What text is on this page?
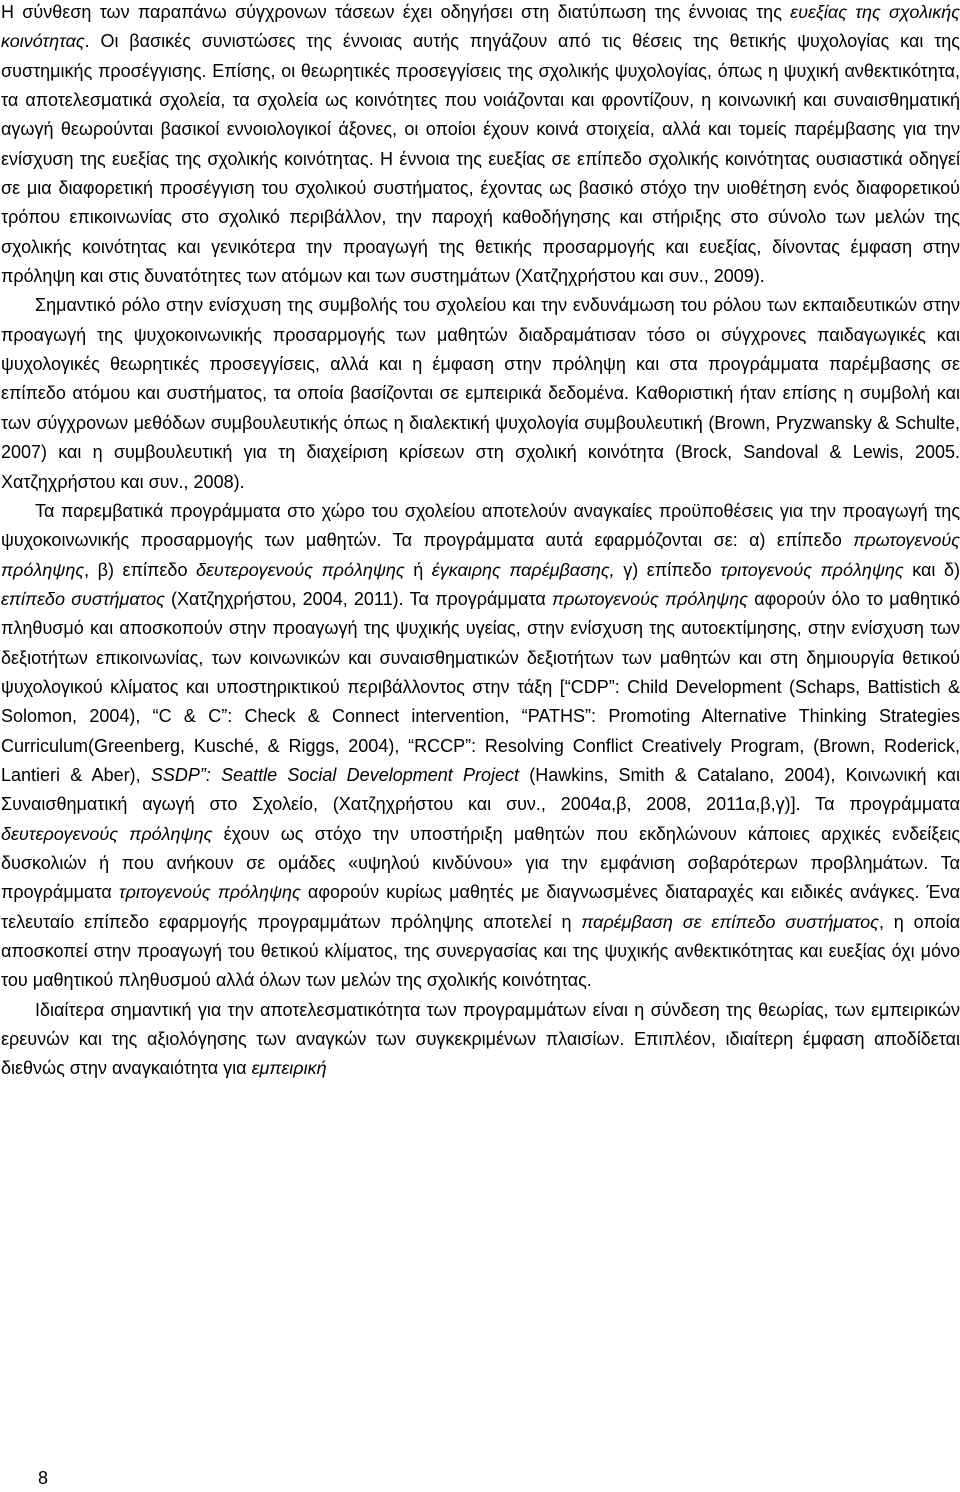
Η σύνθεση των παραπάνω σύγχρονων τάσεων έχει οδηγήσει στη διατύπωση της έννοιας της ευεξίας της σχολικής κοινότητας. Οι βασικές συνιστώσες της έννοιας αυτής πηγάζουν από τις θέσεις της θετικής ψυχολογίας και της συστημικής προσέγγισης. Επίσης, οι θεωρητικές προσεγγίσεις της σχολικής ψυχολογίας, όπως η ψυχική ανθεκτικότητα, τα αποτελεσματικά σχολεία, τα σχολεία ως κοινότητες που νοιάζονται και φροντίζουν, η κοινωνική και συναισθηματική αγωγή θεωρούνται βασικοί εννοιολογικοί άξονες, οι οποίοι έχουν κοινά στοιχεία, αλλά και τομείς παρέμβασης για την ενίσχυση της ευεξίας της σχολικής κοινότητας. Η έννοια της ευεξίας σε επίπεδο σχολικής κοινότητας ουσιαστικά οδηγεί σε μια διαφορετική προσέγγιση του σχολικού συστήματος, έχοντας ως βασικό στόχο την υιοθέτηση ενός διαφορετικού τρόπου επικοινωνίας στο σχολικό περιβάλλον, την παροχή καθοδήγησης και στήριξης στο σύνολο των μελών της σχολικής κοινότητας και γενικότερα την προαγωγή της θετικής προσαρμογής και ευεξίας, δίνοντας έμφαση στην πρόληψη και στις δυνατότητες των ατόμων και των συστημάτων (Χατζηχρήστου και συν., 2009).

Σημαντικό ρόλο στην ενίσχυση της συμβολής του σχολείου και την ενδυνάμωση του ρόλου των εκπαιδευτικών στην προαγωγή της ψυχοκοινωνικής προσαρμογής των μαθητών διαδραμάτισαν τόσο οι σύγχρονες παιδαγωγικές και ψυχολογικές θεωρητικές προσεγγίσεις, αλλά και η έμφαση στην πρόληψη και στα προγράμματα παρέμβασης σε επίπεδο ατόμου και συστήματος, τα οποία βασίζονται σε εμπειρικά δεδομένα. Καθοριστική ήταν επίσης η συμβολή και των σύγχρονων μεθόδων συμβουλευτικής όπως η διαλεκτική ψυχολογία συμβουλευτική (Brown, Pryzwansky & Schulte, 2007) και η συμβουλευτική για τη διαχείριση κρίσεων στη σχολική κοινότητα (Brock, Sandoval & Lewis, 2005. Χατζηχρήστου και συν., 2008).

Τα παρεμβατικά προγράμματα στο χώρο του σχολείου αποτελούν αναγκαίες προϋποθέσεις για την προαγωγή της ψυχοκοινωνικής προσαρμογής των μαθητών. Τα προγράμματα αυτά εφαρμόζονται σε: α) επίπεδο πρωτογενούς πρόληψης, β) επίπεδο δευτερογενούς πρόληψης ή έγκαιρης παρέμβασης, γ) επίπεδο τριτογενούς πρόληψης και δ) επίπεδο συστήματος (Χατζηχρήστου, 2004, 2011). Τα προγράμματα πρωτογενούς πρόληψης αφορούν όλο το μαθητικό πληθυσμό και αποσκοπούν στην προαγωγή της ψυχικής υγείας, στην ενίσχυση της αυτοεκτίμησης, στην ενίσχυση των δεξιοτήτων επικοινωνίας, των κοινωνικών και συναισθηματικών δεξιοτήτων των μαθητών και στη δημιουργία θετικού ψυχολογικού κλίματος και υποστηρικτικού περιβάλλοντος στην τάξη [“CDP”: Child Development (Schaps, Battistich & Solomon, 2004), “C & C”: Check & Connect intervention, “PATHS”: Promoting Alternative Thinking Strategies Curriculum(Greenberg, Kusché, & Riggs, 2004), “RCCP”: Resolving Conflict Creatively Program, (Brown, Roderick, Lantieri & Aber), SSDP”: Seattle Social Development Project (Hawkins, Smith & Catalano, 2004), Κοινωνική και Συναισθηματική αγωγή στο Σχολείο, (Χατζηχρήστου και συν., 2004α,β, 2008, 2011α,β,γ)]. Τα προγράμματα δευτερογενούς πρόληψης έχουν ως στόχο την υποστήριξη μαθητών που εκδηλώνουν κάποιες αρχικές ενδείξεις δυσκολιών ή που ανήκουν σε ομάδες «υψηλού κινδύνου» για την εμφάνιση σοβαρότερων προβλημάτων. Τα προγράμματα τριτογενούς πρόληψης αφορούν κυρίως μαθητές με διαγνωσμένες διαταραχές και ειδικές ανάγκες. Ένα τελευταίο επίπεδο εφαρμογής προγραμμάτων πρόληψης αποτελεί η παρέμβαση σε επίπεδο συστήματος, η οποία αποσκοπεί στην προαγωγή του θετικού κλίματος, της συνεργασίας και της ψυχικής ανθεκτικότητας και ευεξίας όχι μόνο του μαθητικού πληθυσμού αλλά όλων των μελών της σχολικής κοινότητας.

Ιδιαίτερα σημαντική για την αποτελεσματικότητα των προγραμμάτων είναι η σύνδεση της θεωρίας, των εμπειρικών ερευνών και της αξιολόγησης των αναγκών των συγκεκριμένων πλαισίων. Επιπλέον, ιδιαίτερη έμφαση αποδίδεται διεθνώς στην αναγκαιότητα για εμπειρική

8
